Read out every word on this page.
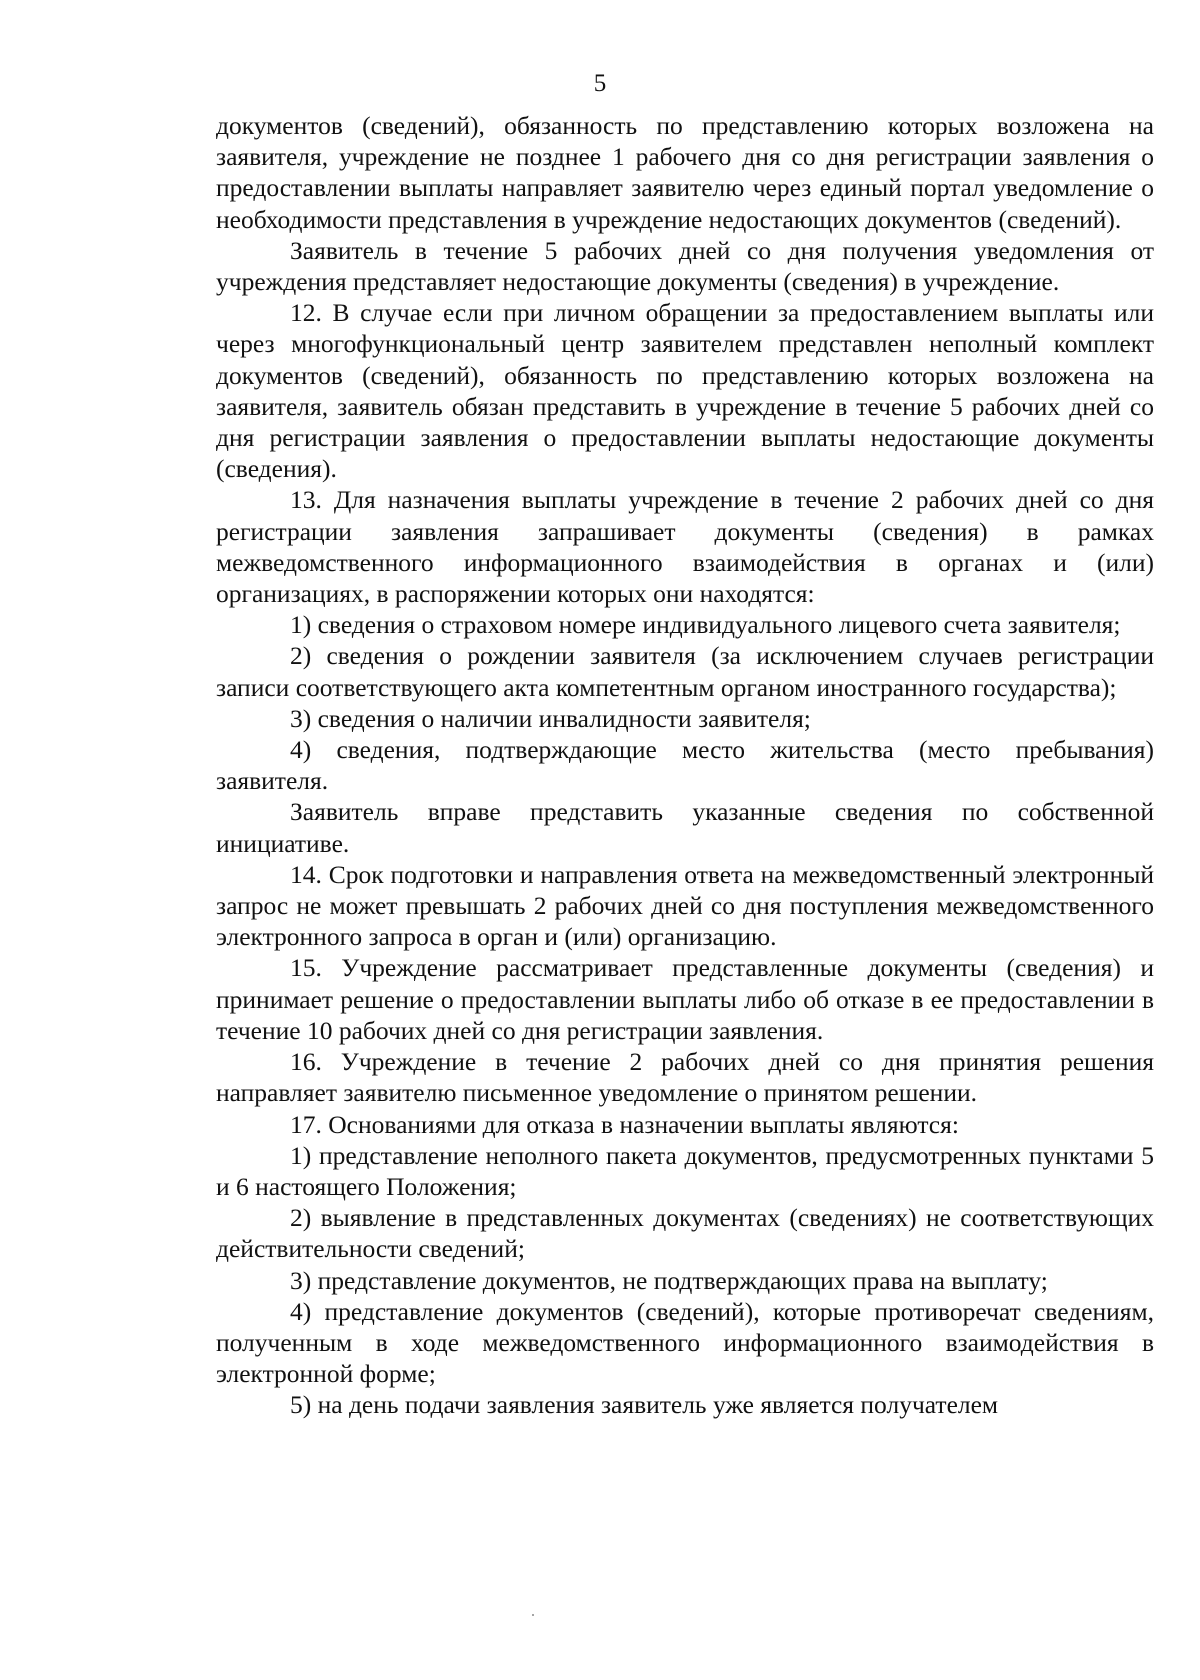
5

документов (сведений), обязанность по представлению которых возложена на заявителя, учреждение не позднее 1 рабочего дня со дня регистрации заявления о предоставлении выплаты направляет заявителю через единый портал уведомление о необходимости представления в учреждение недостающих документов (сведений).

Заявитель в течение 5 рабочих дней со дня получения уведомления от учреждения представляет недостающие документы (сведения) в учреждение.

12. В случае если при личном обращении за предоставлением выплаты или через многофункциональный центр заявителем представлен неполный комплект документов (сведений), обязанность по представлению которых возложена на заявителя, заявитель обязан представить в учреждение в течение 5 рабочих дней со дня регистрации заявления о предоставлении выплаты недостающие документы (сведения).

13. Для назначения выплаты учреждение в течение 2 рабочих дней со дня регистрации заявления запрашивает документы (сведения) в рамках межведомственного информационного взаимодействия в органах и (или) организациях, в распоряжении которых они находятся:

1) сведения о страховом номере индивидуального лицевого счета заявителя;

2) сведения о рождении заявителя (за исключением случаев регистрации записи соответствующего акта компетентным органом иностранного государства);

3) сведения о наличии инвалидности заявителя;

4) сведения, подтверждающие место жительства (место пребывания) заявителя.

Заявитель вправе представить указанные сведения по собственной инициативе.

14. Срок подготовки и направления ответа на межведомственный электронный запрос не может превышать 2 рабочих дней со дня поступления межведомственного электронного запроса в орган и (или) организацию.

15. Учреждение рассматривает представленные документы (сведения) и принимает решение о предоставлении выплаты либо об отказе в ее предоставлении в течение 10 рабочих дней со дня регистрации заявления.

16. Учреждение в течение 2 рабочих дней со дня принятия решения направляет заявителю письменное уведомление о принятом решении.

17. Основаниями для отказа в назначении выплаты являются:

1) представление неполного пакета документов, предусмотренных пунктами 5 и 6 настоящего Положения;

2) выявление в представленных документах (сведениях) не соответствующих действительности сведений;

3) представление документов, не подтверждающих права на выплату;

4) представление документов (сведений), которые противоречат сведениям, полученным в ходе межведомственного информационного взаимодействия в электронной форме;

5) на день подачи заявления заявитель уже является получателем
